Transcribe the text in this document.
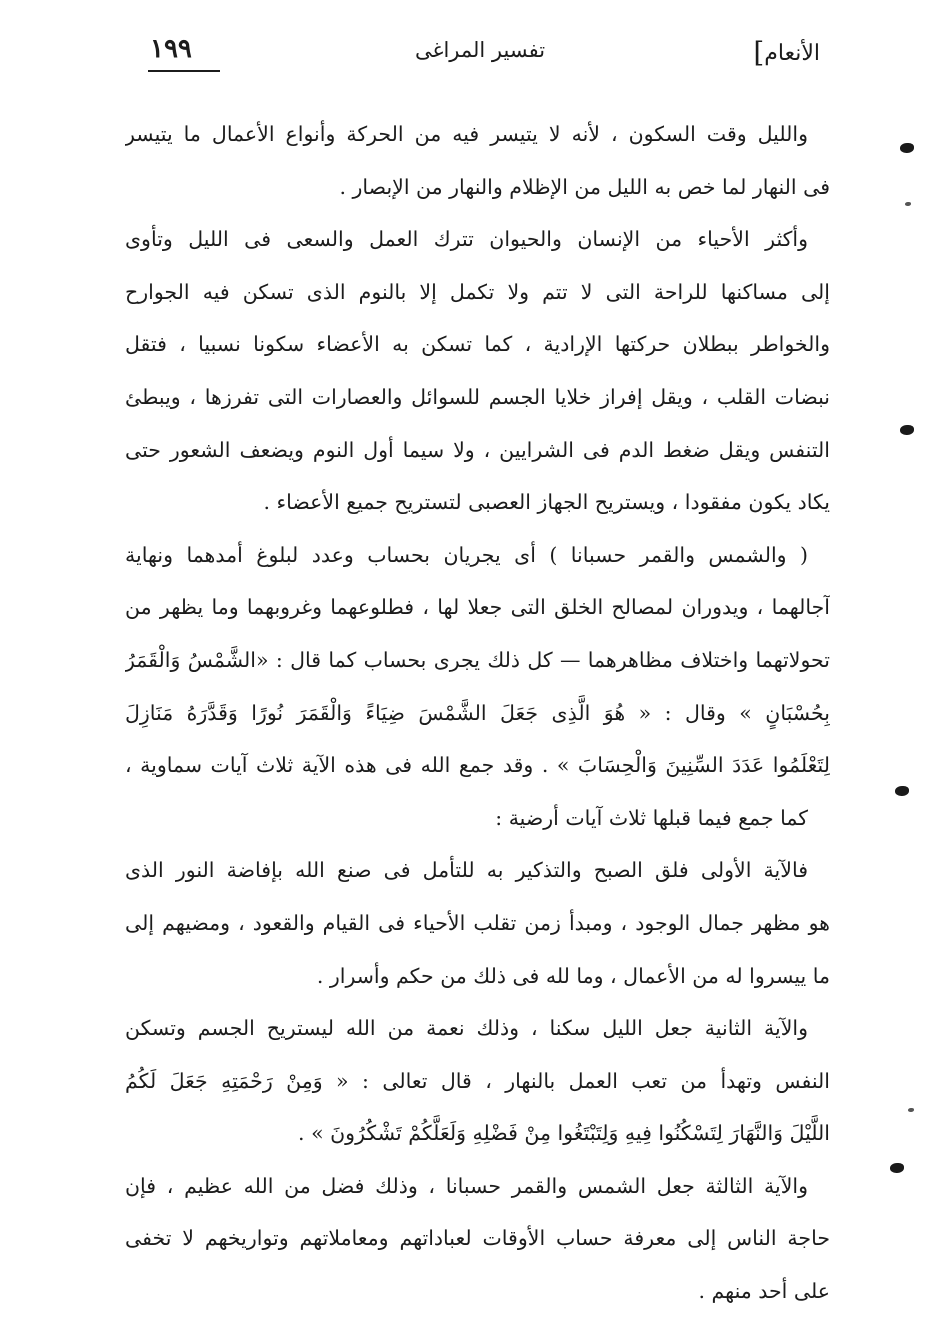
الأنعام]
تفسير المراغى
١٩٩
والليل وقت السكون ، لأنه لا يتيسر فيه من الحركة وأنواع الأعمال ما يتيسر
فى النهار لما خص به الليل من الإظلام والنهار من الإبصار .
وأكثر الأحياء من الإنسان والحيوان تترك العمل والسعى فى الليل وتأوى
إلى مساكنها للراحة التى لا تتم ولا تكمل إلا بالنوم الذى تسكن فيه الجوارح
والخواطر ببطلان حركتها الإرادية ، كما تسكن به الأعضاء سكونا نسبيا ، فتقل
نبضات القلب ، ويقل إفراز خلايا الجسم للسوائل والعصارات التى تفرزها ، ويبطئ
التنفس ويقل ضغط الدم فى الشرايين ، ولا سيما أول النوم ويضعف الشعور حتى
يكاد يكون مفقودا ، ويستريح الجهاز العصبى لتستريح جميع الأعضاء .
( والشمس والقمر حسبانا ) أى يجريان بحساب وعدد لبلوغ أمدهما ونهاية
آجالهما ، ويدوران لمصالح الخلق التى جعلا لها ، فطلوعهما وغروبهما وما يظهر من
تحولاتهما واختلاف مظاهرهما — كل ذلك يجرى بحساب كما قال : «الشَّمْسُ وَالْقَمَرُ
بِحُسْبَانٍ » وقال : « هُوَ الَّذِى جَعَلَ الشَّمْسَ ضِيَاءً وَالْقَمَرَ نُورًا وَقَدَّرَهُ مَنَازِلَ
لِتَعْلَمُوا عَدَدَ السِّنِينَ وَالْحِسَابَ » . وقد جمع الله فى هذه الآية ثلاث آيات سماوية ،
كما جمع فيما قبلها ثلاث آيات أرضية :
فالآية الأولى فلق الصبح والتذكير به للتأمل فى صنع الله بإفاضة النور الذى
هو مظهر جمال الوجود ، ومبدأ زمن تقلب الأحياء فى القيام والقعود ، ومضيهم إلى
ما ييسروا له من الأعمال ، وما لله فى ذلك من حكم وأسرار .
والآية الثانية جعل الليل سكنا ، وذلك نعمة من الله ليستريح الجسم وتسكن
النفس وتهدأ من تعب العمل بالنهار ، قال تعالى : « وَمِنْ رَحْمَتِهِ جَعَلَ لَكُمُ
اللَّيْلَ وَالنَّهَارَ لِتَسْكُنُوا فِيهِ وَلِتَبْتَغُوا مِنْ فَضْلِهِ وَلَعَلَّكُمْ تَشْكُرُونَ » .
والآية الثالثة جعل الشمس والقمر حسبانا ، وذلك فضل من الله عظيم ، فإن
حاجة الناس إلى معرفة حساب الأوقات لعباداتهم ومعاملاتهم وتواريخهم لا تخفى
على أحد منهم .
